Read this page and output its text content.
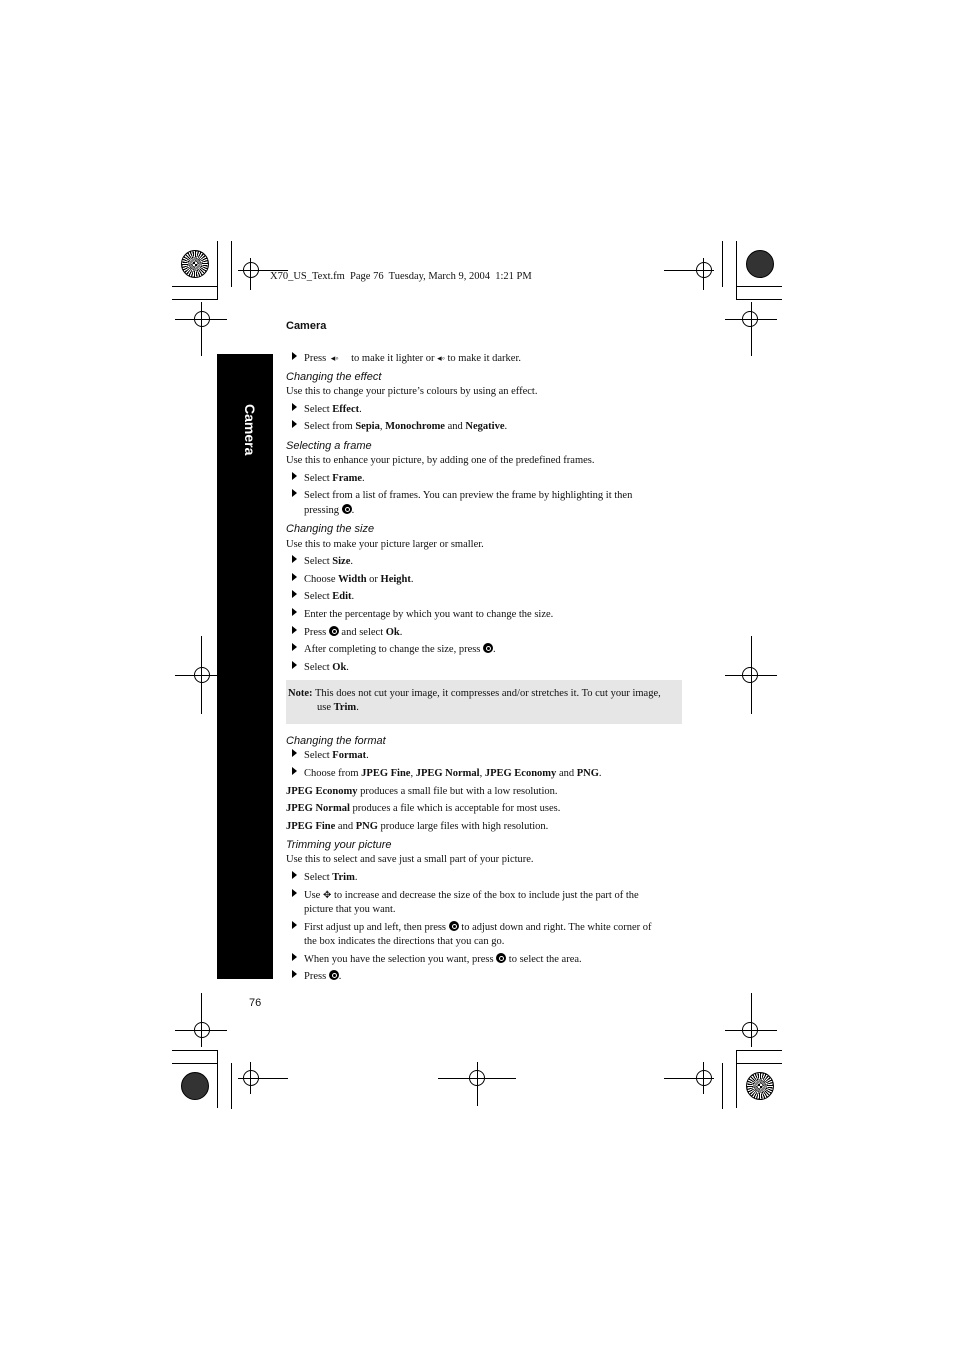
X70_US_Text.fm  Page 76  Tuesday, March 9, 2004  1:21 PM
Camera
Camera
Press ◂◦ to make it lighter or ◂◦ to make it darker.
Changing the effect
Use this to change your picture’s colours by using an effect.
Select Effect.
Select from Sepia, Monochrome and Negative.
Selecting a frame
Use this to enhance your picture, by adding one of the predefined frames.
Select Frame.
Select from a list of frames. You can preview the frame by highlighting it then
pressing .
Changing the size
Use this to make your picture larger or smaller.
Select Size.
Choose Width or Height.
Select Edit.
Enter the percentage by which you want to change the size.
Press and select Ok.
After completing to change the size, press .
Select Ok.
Note: This does not cut your image, it compresses and/or stretches it. To cut your image,
use Trim.
Changing the format
Select Format.
Choose from JPEG Fine, JPEG Normal, JPEG Economy and PNG.
JPEG Economy produces a small file but with a low resolution.
JPEG Normal produces a file which is acceptable for most uses.
JPEG Fine and PNG produce large files with high resolution.
Trimming your picture
Use this to select and save just a small part of your picture.
Select Trim.
Use ✥ to increase and decrease the size of the box to include just the part of the
picture that you want.
First adjust up and left, then press to adjust down and right. The white corner of
the box indicates the directions that you can go.
When you have the selection you want, press to select the area.
Press .
76
